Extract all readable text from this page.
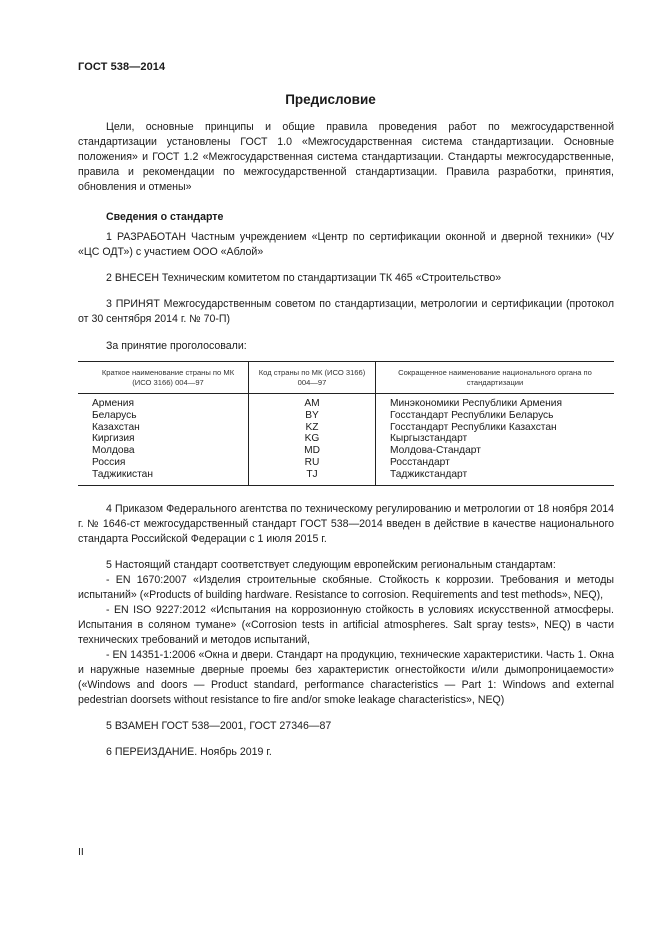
ГОСТ 538—2014
Предисловие

Цели, основные принципы и общие правила проведения работ по межгосударственной стандартизации установлены ГОСТ 1.0 «Межгосударственная система стандартизации. Основные положения» и ГОСТ 1.2 «Межгосударственная система стандартизации. Стандарты межгосударственные, правила и рекомендации по межгосударственной стандартизации. Правила разработки, принятия, обновления и отмены»

Сведения о стандарте

1 РАЗРАБОТАН Частным учреждением «Центр по сертификации оконной и дверной техники» (ЧУ «ЦС ОДТ») с участием ООО «Аблой»

2 ВНЕСЕН Техническим комитетом по стандартизации ТК 465 «Строительство»

3 ПРИНЯТ Межгосударственным советом по стандартизации, метрологии и сертификации (протокол от 30 сентября 2014 г. № 70-П)

За принятие проголосовали:

Краткое наименование страны по МК (ИСО 3166) 004—97	Код страны по МК (ИСО 3166) 004—97	Сокращенное наименование национального органа по стандартизации
Армения	AM	Минэкономики Республики Армения
Беларусь	BY	Госстандарт Республики Беларусь
Казахстан	KZ	Госстандарт Республики Казахстан
Киргизия	KG	Кыргызстандарт
Молдова	MD	Молдова-Стандарт
Россия	RU	Росстандарт
Таджикистан	TJ	Таджикстандарт

4 Приказом Федерального агентства по техническому регулированию и метрологии от 18 ноября 2014 г. № 1646-ст межгосударственный стандарт ГОСТ 538—2014 введен в действие в качестве национального стандарта Российской Федерации с 1 июля 2015 г.

5 Настоящий стандарт соответствует следующим европейским региональным стандартам:

- EN 1670:2007 «Изделия строительные скобяные. Стойкость к коррозии. Требования и методы испытаний» («Products of building hardware. Resistance to corrosion. Requirements and test methods», NEQ),

- EN ISO 9227:2012 «Испытания на коррозионную стойкость в условиях искусственной атмосферы. Испытания в соляном тумане» («Corrosion tests in artificial atmospheres. Salt spray tests», NEQ) в части технических требований и методов испытаний,

- EN 14351-1:2006 «Окна и двери. Стандарт на продукцию, технические характеристики. Часть 1. Окна и наружные наземные дверные проемы без характеристик огнестойкости и/или дымопроницаемости» («Windows and doors — Product standard, performance characteristics — Part 1: Windows and external pedestrian doorsets without resistance to fire and/or smoke leakage characteristics», NEQ)

5 ВЗАМЕН ГОСТ 538—2001, ГОСТ 27346—87

6 ПЕРЕИЗДАНИЕ. Ноябрь 2019 г.

II
